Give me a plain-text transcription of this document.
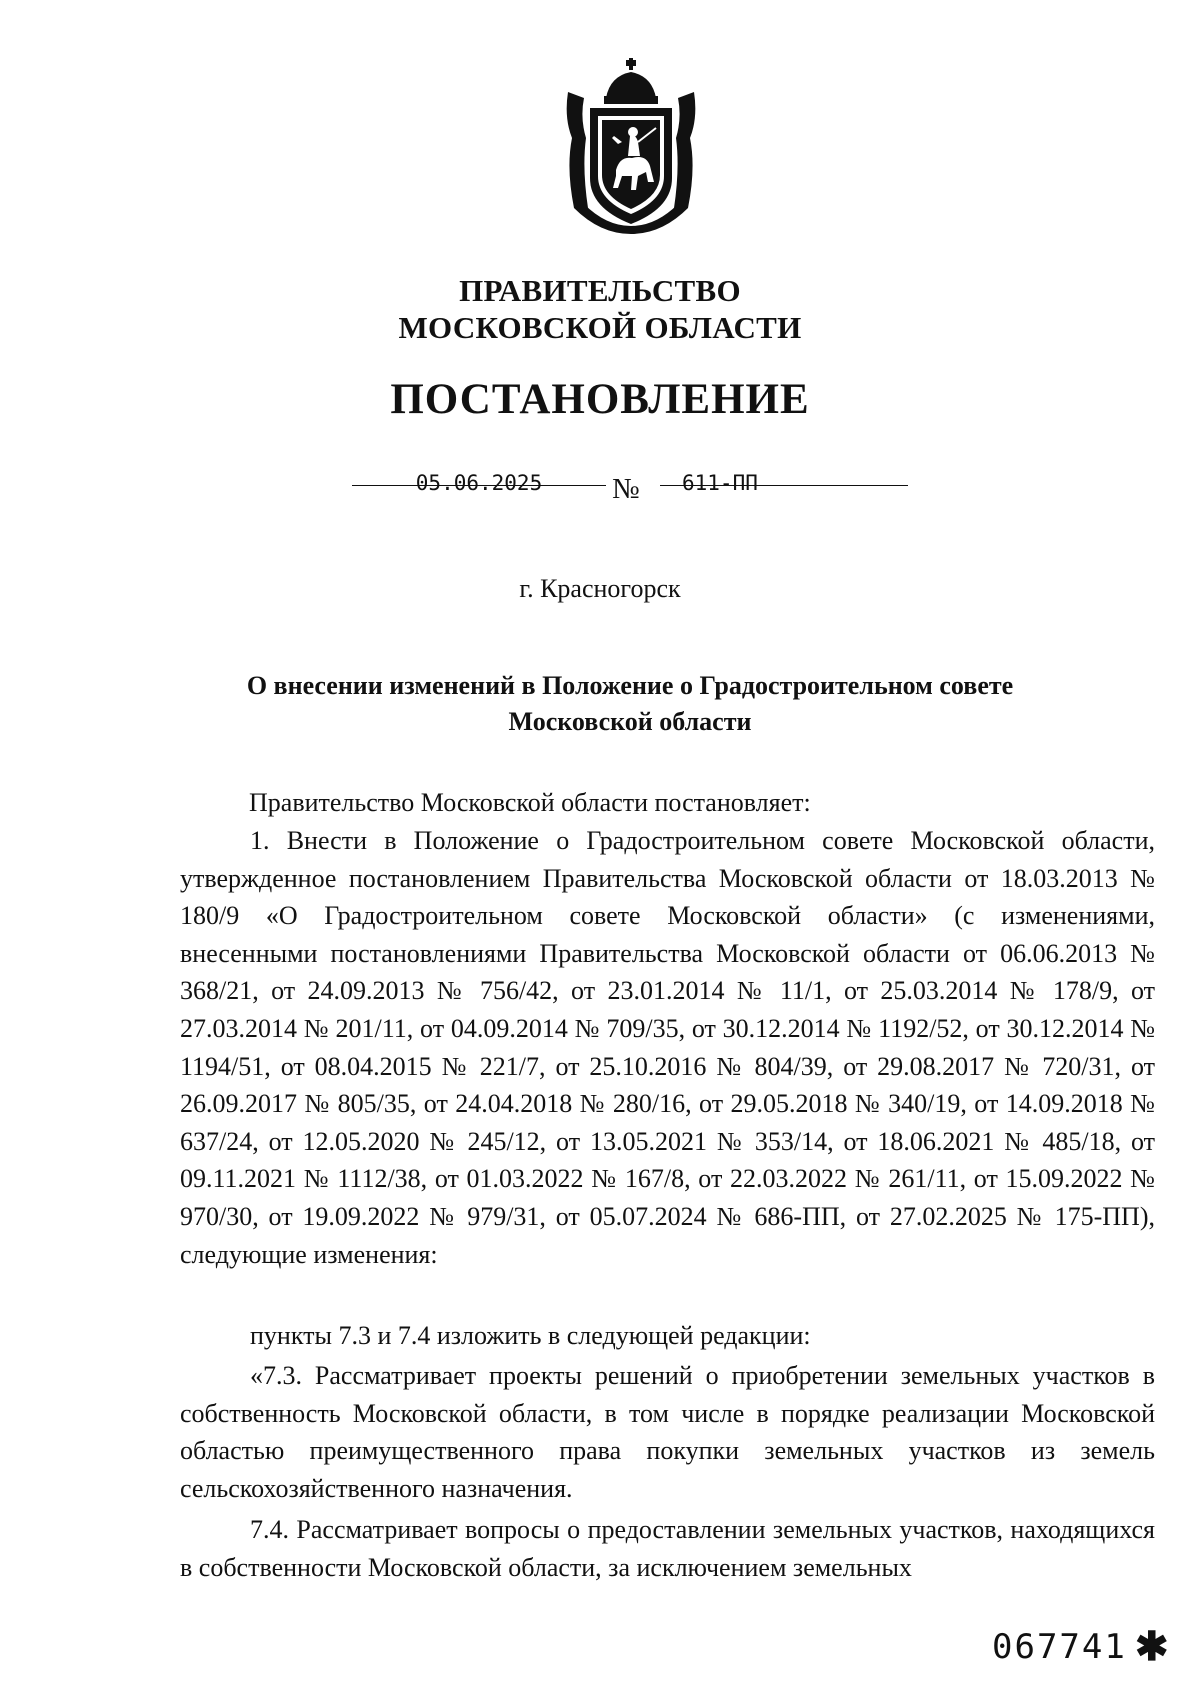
ПРАВИТЕЛЬСТВО
МОСКОВСКОЙ ОБЛАСТИ
ПОСТАНОВЛЕНИЕ
05.06.2025	№ 611-ПП
г. Красногорск
О внесении изменений в Положение о Градостроительном совете Московской области
Правительство Московской области постановляет:

1. Внести в Положение о Градостроительном совете Московской области, утвержденное постановлением Правительства Московской области от 18.03.2013 № 180/9 «О Градостроительном совете Московской области» (с изменениями, внесенными постановлениями Правительства Московской области от 06.06.2013 № 368/21, от 24.09.2013 № 756/42, от 23.01.2014 № 11/1, от 25.03.2014 № 178/9, от 27.03.2014 № 201/11, от 04.09.2014 № 709/35, от 30.12.2014 № 1192/52, от 30.12.2014 № 1194/51, от 08.04.2015 № 221/7, от 25.10.2016 № 804/39, от 29.08.2017 № 720/31, от 26.09.2017 № 805/35, от 24.04.2018 № 280/16, от 29.05.2018 № 340/19, от 14.09.2018 № 637/24, от 12.05.2020 № 245/12, от 13.05.2021 № 353/14, от 18.06.2021 № 485/18, от 09.11.2021 № 1112/38, от 01.03.2022 № 167/8, от 22.03.2022 № 261/11, от 15.09.2022 № 970/30, от 19.09.2022 № 979/31, от 05.07.2024 № 686-ПП, от 27.02.2025 № 175-ПП), следующие изменения:

пункты 7.3 и 7.4 изложить в следующей редакции:

«7.3. Рассматривает проекты решений о приобретении земельных участков в собственность Московской области, в том числе в порядке реализации Московской областью преимущественного права покупки земельных участков из земель сельскохозяйственного назначения.

7.4. Рассматривает вопросы о предоставлении земельных участков, находящихся в собственности Московской области, за исключением земельных

067741 ✱
